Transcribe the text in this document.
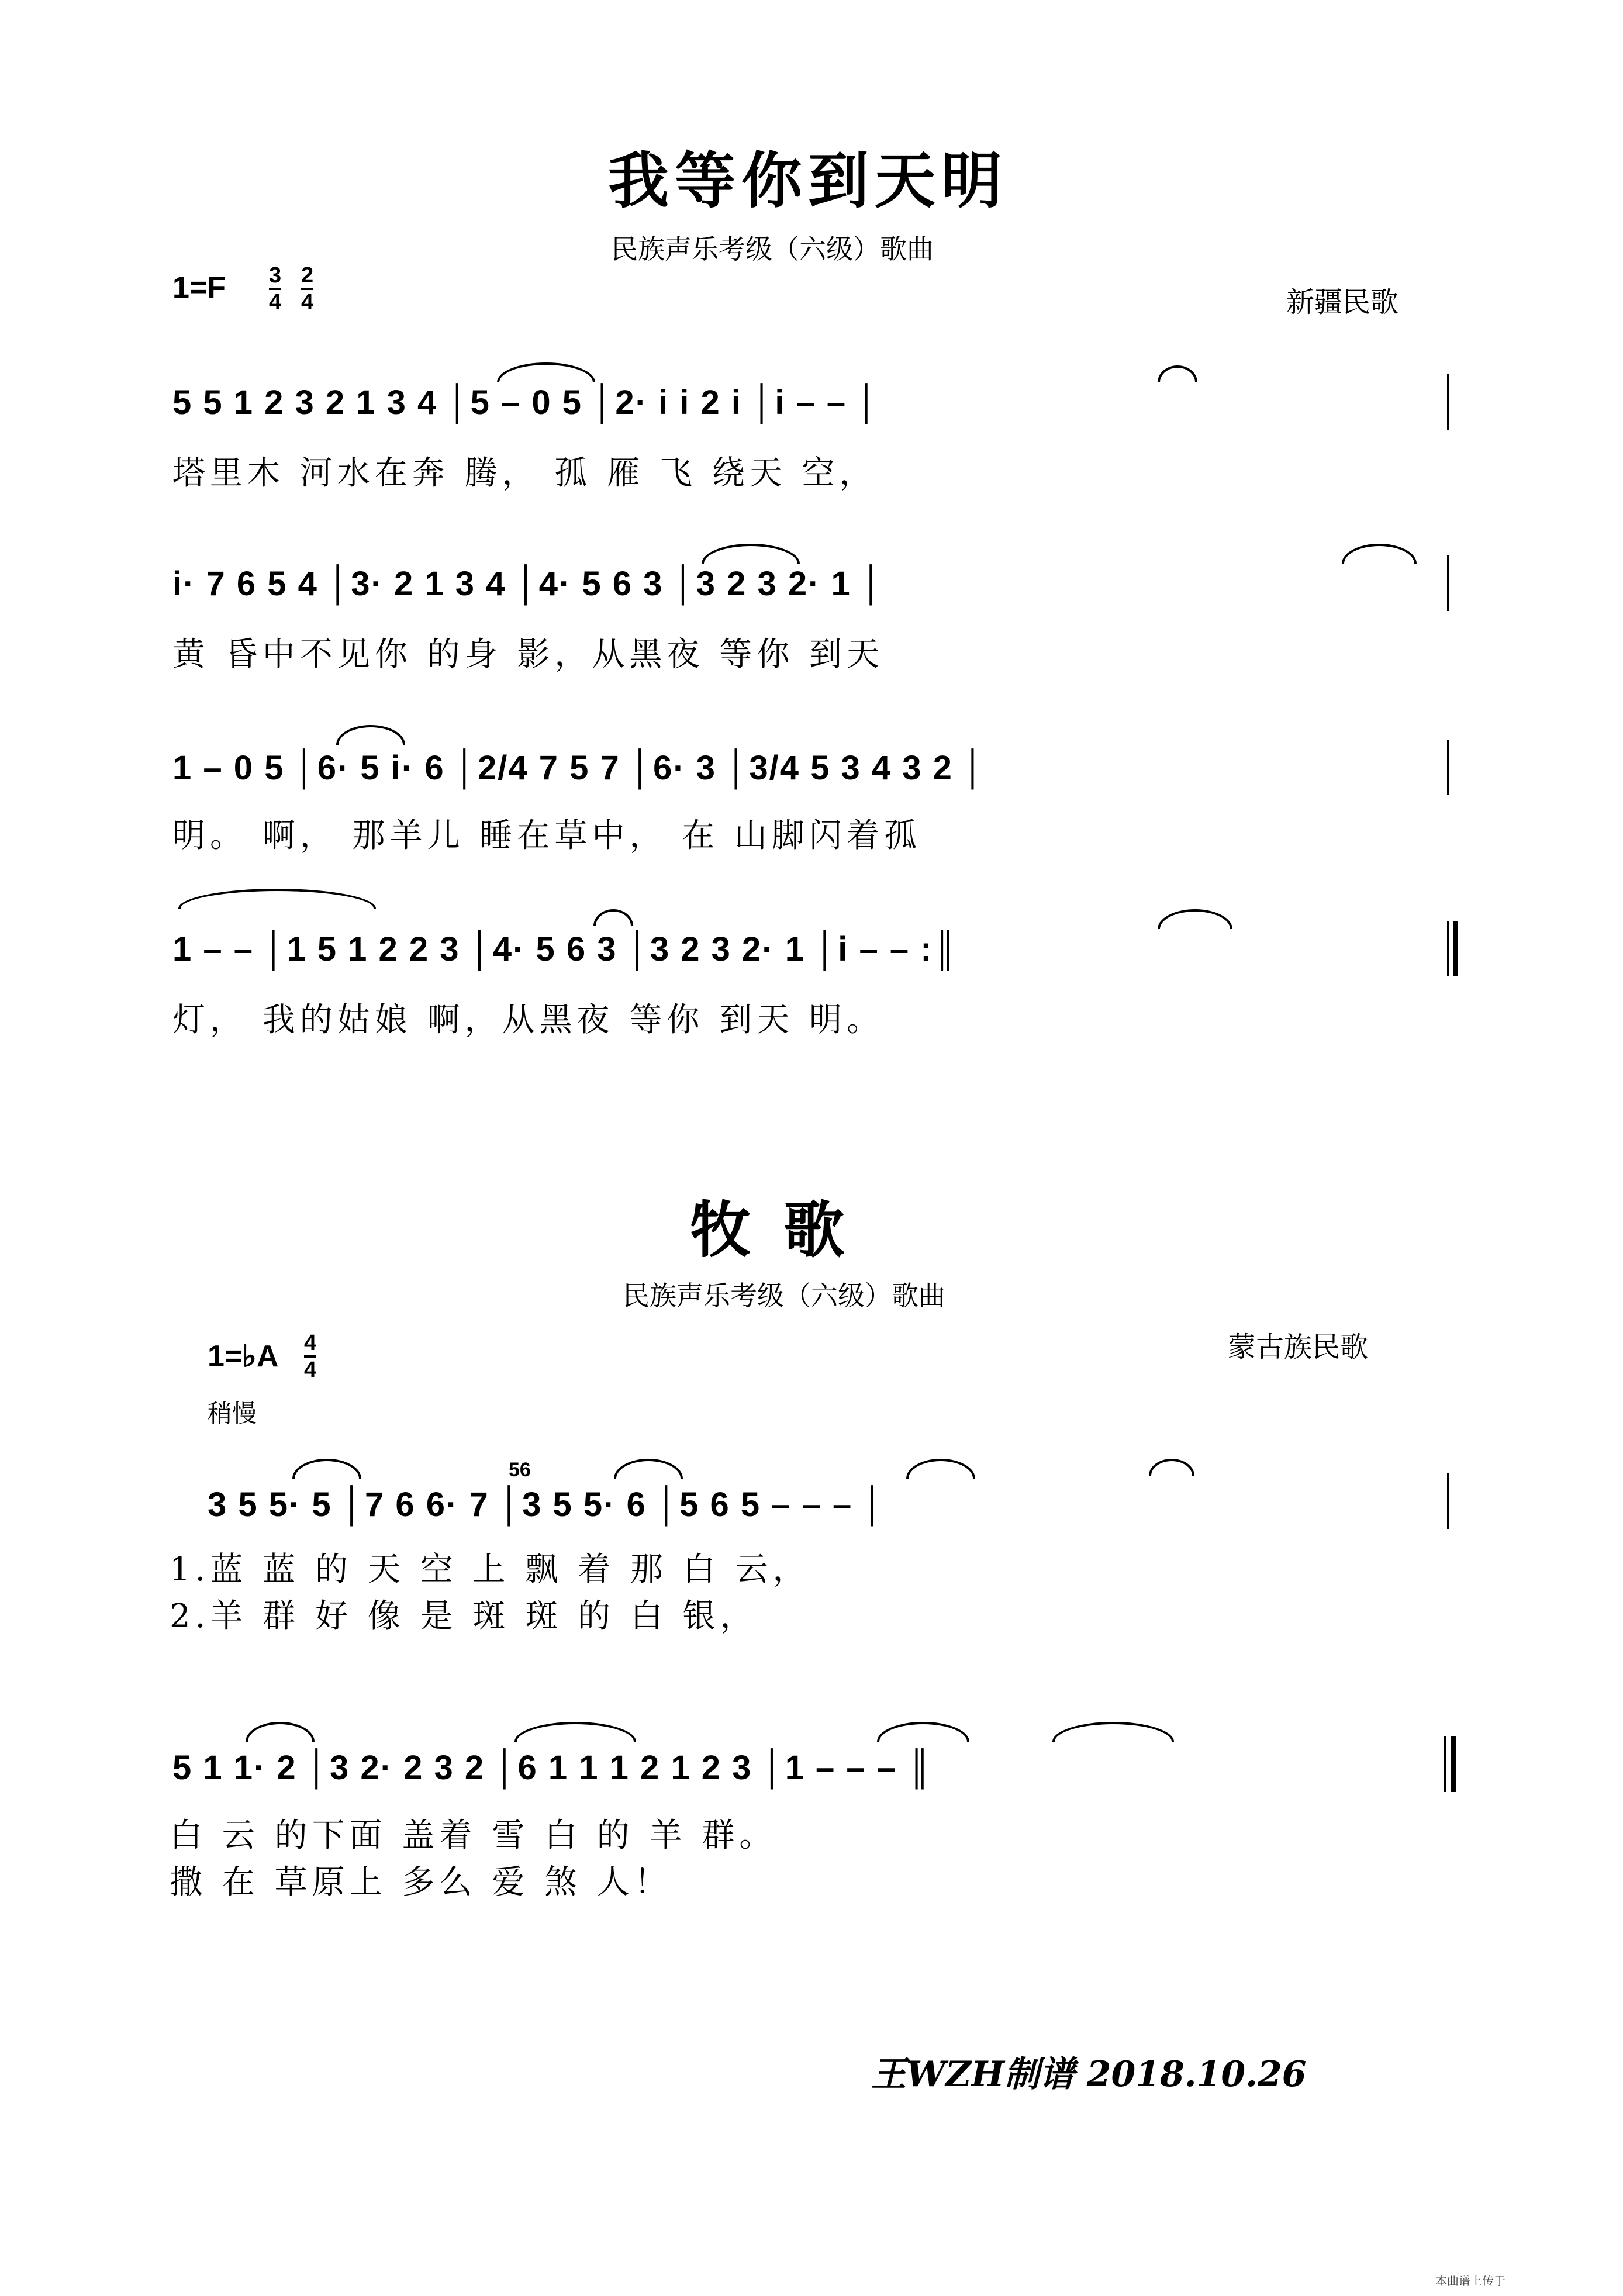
我等你到天明
民族声乐考级（六级）歌曲
$1=F \frac{3}{4} \frac{2}{4}$	新疆民歌
5 5 1 2 3 2 1 3 4 │5 – 0 5 │2· i i 2 i │i – – │
塔里木 河水在奔 腾， 孤 雁 飞 绕天 空，
i· 7 6 5 4 │3· 2 1 3 4 │4· 5 6 3 │3 2 3 2· 1 │
黄 昏中不见你 的身 影，从黑夜 等你 到天
1 – 0 5 │6· 5 i· 6 │2/4 7 5 7 │6· 3 │3/4 5 3 4 3 2 │
明。 啊， 那羊儿 睡在草中， 在 山脚闪着孤
1 – – │1 5 1 2 2 3 │4· 5 6 3 │3 2 3 2· 1 │i – – :║
灯， 我的姑娘 啊，从黑夜 等你 到天 明。
牧 歌
民族声乐考级（六级）歌曲
1=♭A $\frac{4}{4}$	蒙古族民歌
稍慢
56
3 5 5· 5 │7 6 6· 7 │3 5 5· 6 │5 6 5 – – – │
1.蓝 蓝 的 天 空 上 飘 着 那 白 云，
2.羊 群 好 像 是 斑 斑 的 白 银，
5 1 1· 2 │3 2· 2 3 2 │6 1 1 1 2 1 2 3 │1 – – – ║
白 云 的下面 盖着 雪 白 的 羊 群。
撒 在 草原上 多么 爱 煞 人！
王WZH制谱 2018.10.26
本曲谱上传于
